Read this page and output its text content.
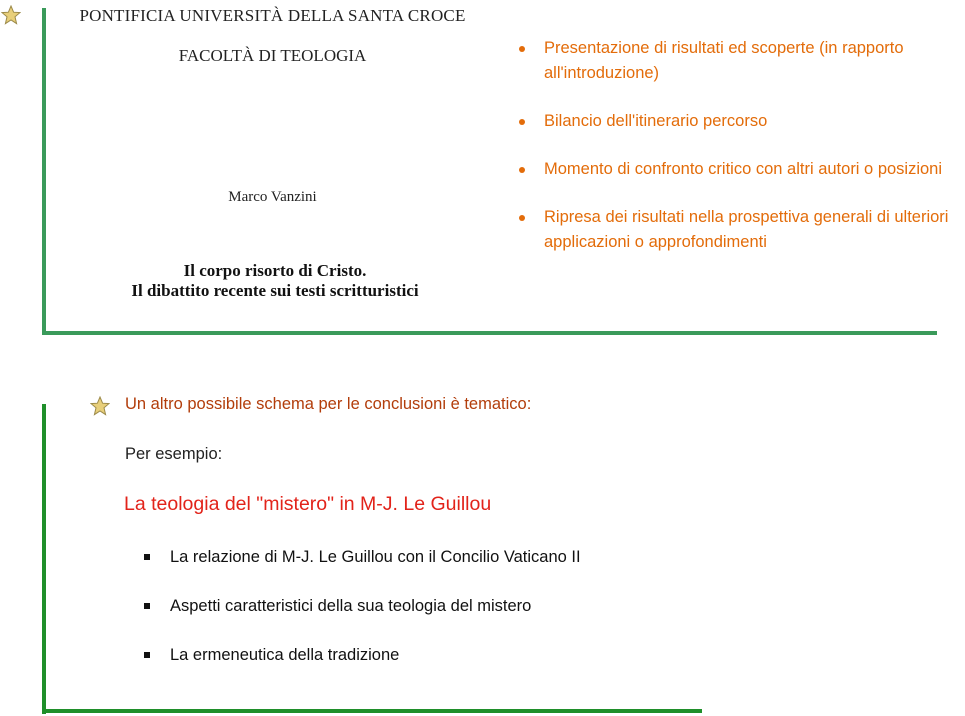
PONTIFICIA UNIVERSITÀ DELLA SANTA CROCE
FACOLTÀ DI TEOLOGIA
Marco Vanzini
Il corpo risorto di Cristo.
Il dibattito recente sui testi scritturistici
Presentazione di risultati ed scoperte (in rapporto all'introduzione)
Bilancio dell'itinerario percorso
Momento di confronto critico con altri autori o posizioni
Ripresa dei risultati nella prospettiva generali di ulteriori applicazioni o approfondimenti
Un altro possibile schema per le conclusioni è tematico:
Per esempio:
La teologia del "mistero" in M-J. Le Guillou
La relazione di M-J. Le Guillou con il Concilio Vaticano II
Aspetti caratteristici della sua teologia del mistero
La ermeneutica della tradizione
